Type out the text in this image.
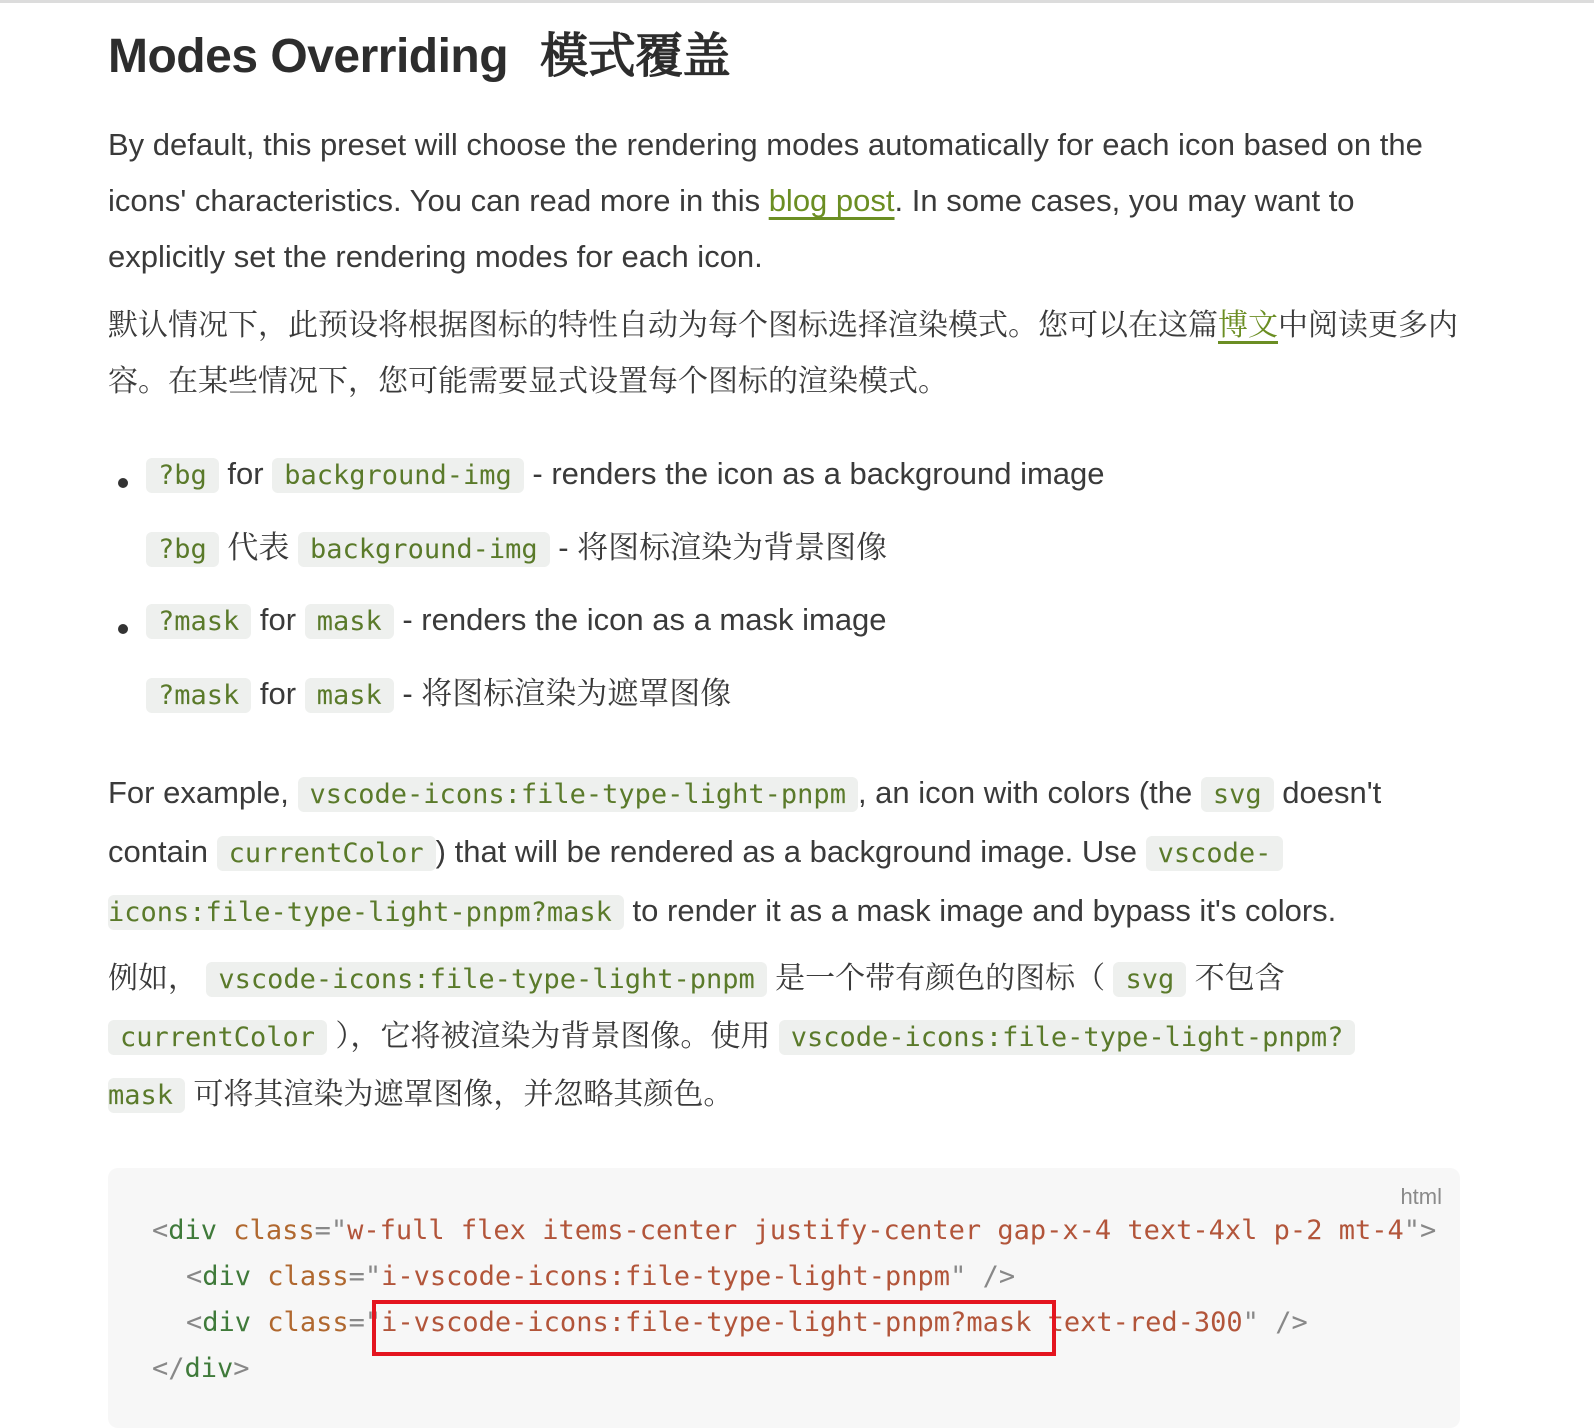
Modes Overriding 模式覆盖

By default, this preset will choose the rendering modes automatically for each icon based on the icons' characteristics. You can read more in this blog post. In some cases, you may want to explicitly set the rendering modes for each icon.

默认情况下，此预设将根据图标的特性自动为每个图标选择渲染模式。您可以在这篇博文中阅读更多内容。在某些情况下，您可能需要显式设置每个图标的渲染模式。

?bg for background-img - renders the icon as a background image
?bg 代表 background-img - 将图标渲染为背景图像
?mask for mask - renders the icon as a mask image
?mask for mask - 将图标渲染为遮罩图像

For example, vscode-icons:file-type-light-pnpm , an icon with colors (the svg doesn't contain currentColor ) that will be rendered as a background image. Use vscode-
icons:file-type-light-pnpm?mask to render it as a mask image and bypass it's colors.

例如， vscode-icons:file-type-light-pnpm 是一个带有颜色的图标（ svg 不包含
currentColor ），它将被渲染为背景图像。使用 vscode-icons:file-type-light-pnpm?
mask 可将其渲染为遮罩图像，并忽略其颜色。

html
<div class="w-full flex items-center justify-center gap-x-4 text-4xl p-2 mt-4">
<div class="i-vscode-icons:file-type-light-pnpm" />
<div class="i-vscode-icons:file-type-light-pnpm?mask text-red-300" />
</div>
